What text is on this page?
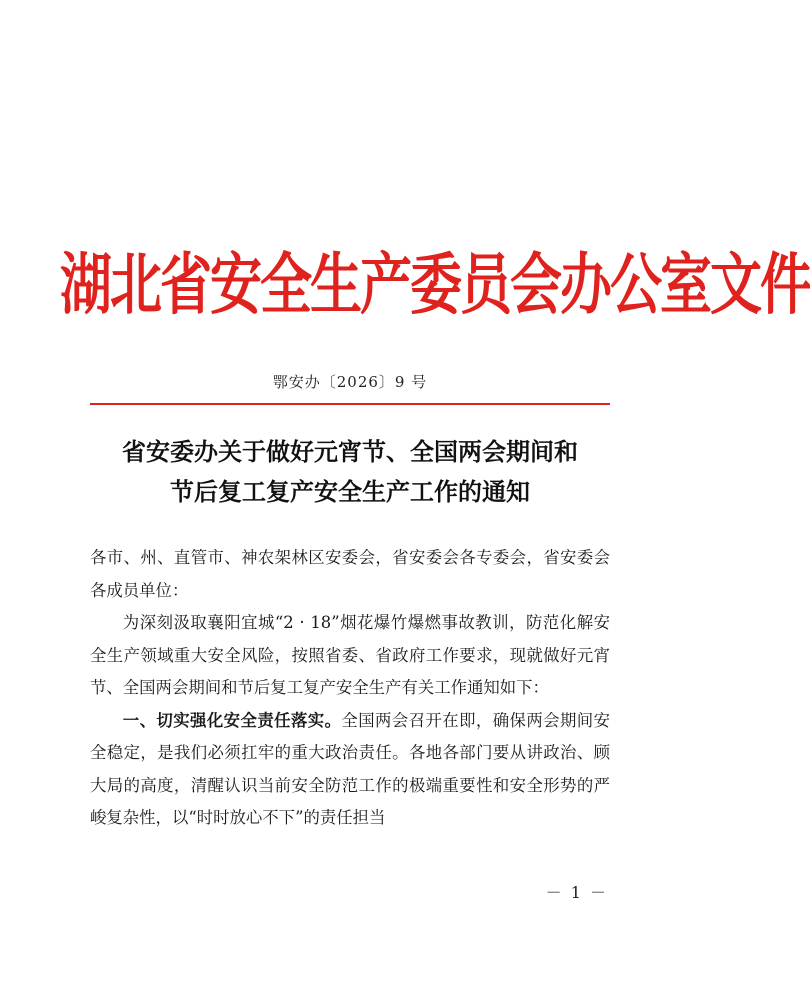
湖北省安全生产委员会办公室文件
鄂安办〔2026〕9 号
省安委办关于做好元宵节、全国两会期间和
节后复工复产安全生产工作的通知

各市、州、直管市、神农架林区安委会，省安委会各专委会，省安委会各成员单位：

为深刻汲取襄阳宜城“2 · 18”烟花爆竹爆燃事故教训，防范化解安全生产领域重大安全风险，按照省委、省政府工作要求，现就做好元宵节、全国两会期间和节后复工复产安全生产有关工作通知如下：

一、切实强化安全责任落实。全国两会召开在即，确保两会期间安全稳定，是我们必须扛牢的重大政治责任。各地各部门要从讲政治、顾大局的高度，清醒认识当前安全防范工作的极端重要性和安全形势的严峻复杂性，以“时时放心不下”的责任担当

－ 1 －
